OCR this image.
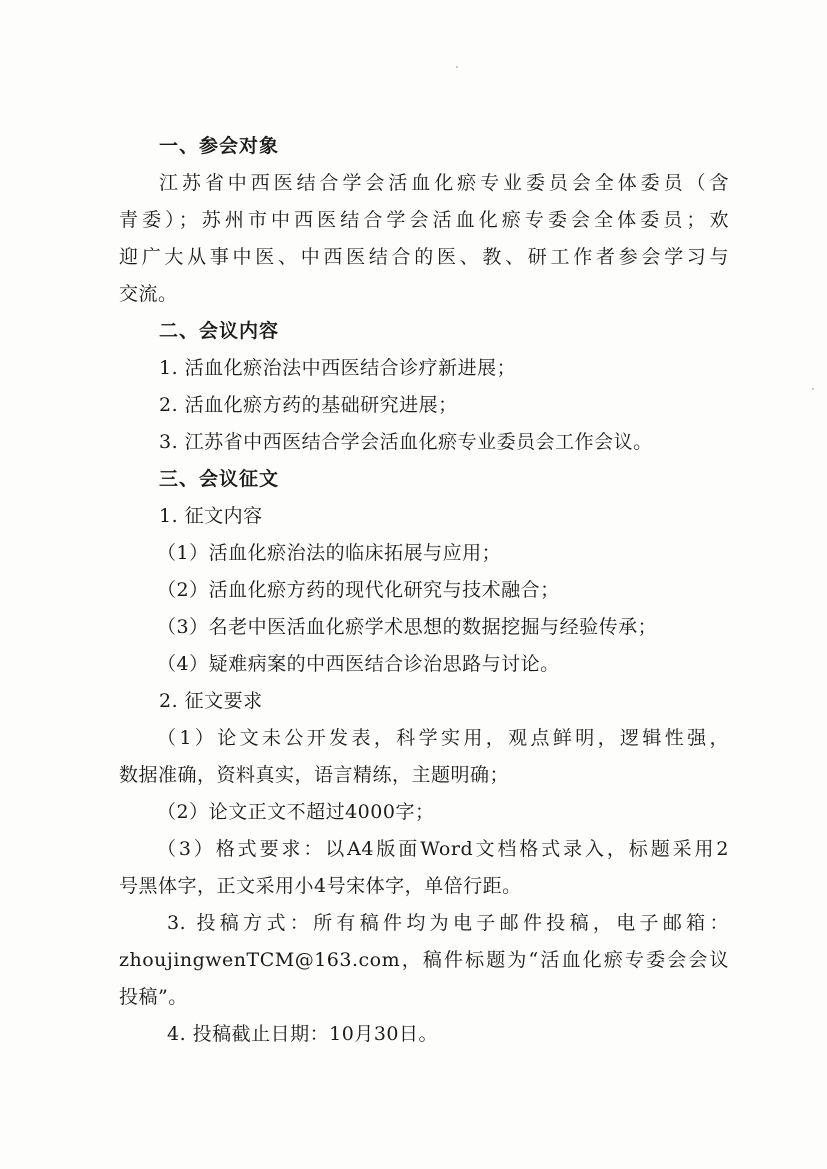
一、参会对象
江苏省中西医结合学会活血化瘀专业委员会全体委员（含
青委）；苏州市中西医结合学会活血化瘀专委会全体委员；欢
迎广大从事中医、中西医结合的医、教、研工作者参会学习与
交流。
二、会议内容
1. 活血化瘀治法中西医结合诊疗新进展；
2. 活血化瘀方药的基础研究进展；
3. 江苏省中西医结合学会活血化瘀专业委员会工作会议。
三、会议征文
1. 征文内容
（1）活血化瘀治法的临床拓展与应用；
（2）活血化瘀方药的现代化研究与技术融合；
（3）名老中医活血化瘀学术思想的数据挖掘与经验传承；
（4）疑难病案的中西医结合诊治思路与讨论。
2. 征文要求
（1）论文未公开发表，科学实用，观点鲜明，逻辑性强，
数据准确，资料真实，语言精练，主题明确；
（2）论文正文不超过4000字；
（3）格式要求：以A4版面Word文档格式录入，标题采用2
号黑体字，正文采用小4号宋体字，单倍行距。
3. 投稿方式：所有稿件均为电子邮件投稿，电子邮箱：
zhoujingwenTCM@163.com，稿件标题为“活血化瘀专委会会议
投稿”。
4. 投稿截止日期：10月30日。
